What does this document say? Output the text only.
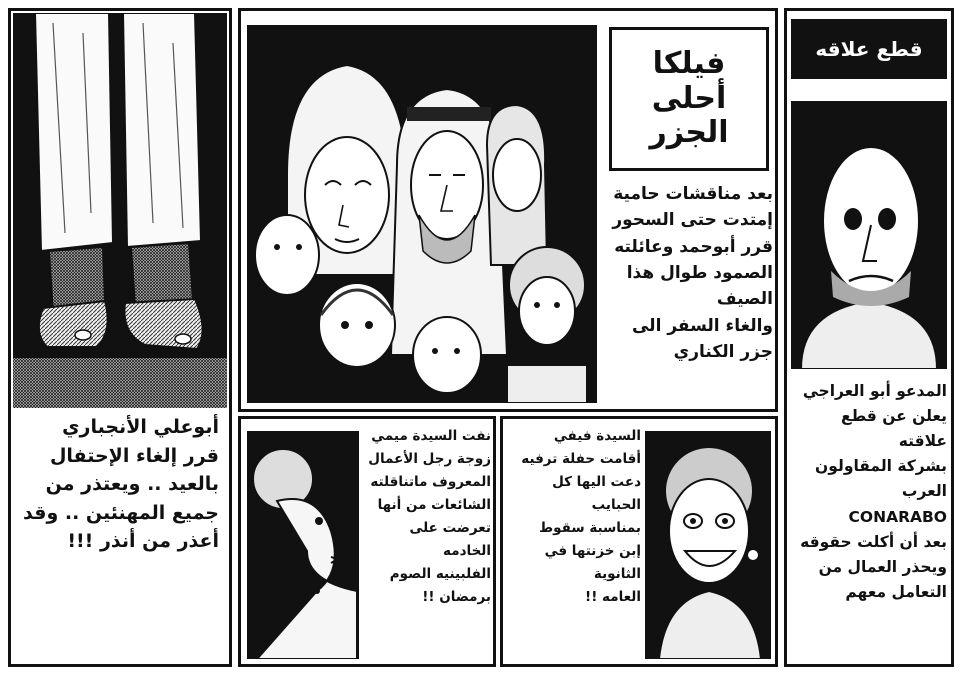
أبوعلي الأنجباري
قرر إلغاء الإحتفال
بالعيد .. ويعتذر من
جميع المهنئين .. وقد
أعذر من أنذر !!!
فيلكا
أحلى الجزر
بعد مناقشات حامية
إمتدت حتى السحور
قرر أبوحمد وعائلته
الصمود طوال هذا الصيف
والغاء السفر الى
جزر الكناري
قطع علاقه
المدعو أبو العراجي
يعلن عن قطع علاقته
بشركة المقاولون العرب
CONARABO
بعد أن أكلت حقوقه
ويحذر العمال من
التعامل معهم
نفت السيدة ميمي
زوجة رجل الأعمال
المعروف ماتناقلته
الشائعات من أنها
تعرضت على الخادمه
الفلبينيه الصوم
برمضان !!
السيدة فيفي
أقامت حفلة ترفيه
دعت اليها كل الحبايب
بمناسبة سقوط
إبن خزنتها في الثانوية
العامه !!
